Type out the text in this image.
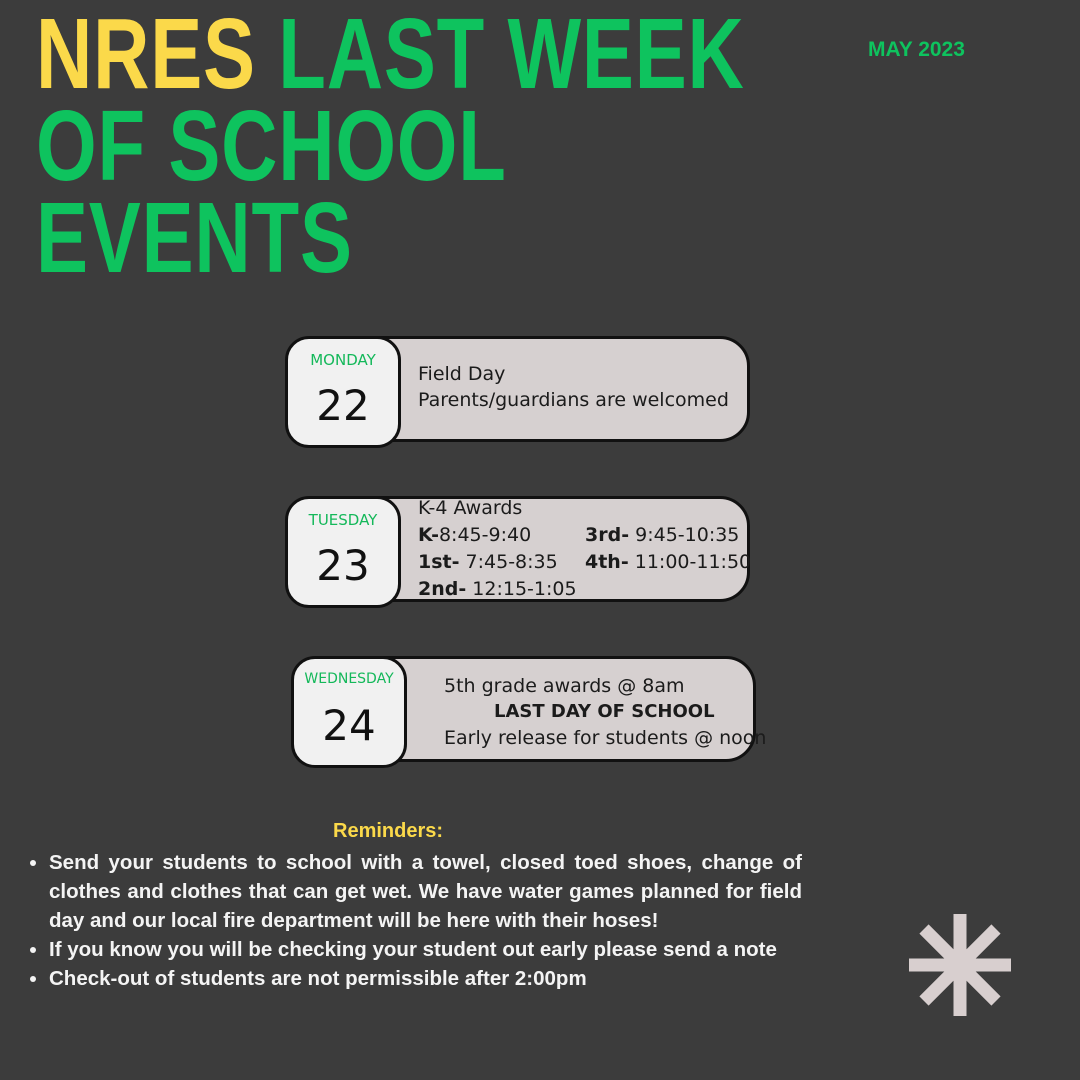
NRES LAST WEEK
OF SCHOOL
EVENTS
MAY 2023
MONDAY
22
Field Day
Parents/guardians are welcomed
TUESDAY
23
K-4 Awards
K-8:45-9:40	3rd- 9:45-10:35
1st- 7:45-8:35 4th- 11:00-11:50
2nd- 12:15-1:05
WEDNESDAY
24
5th grade awards @ 8am
LAST DAY OF SCHOOL
Early release for students @ noon
Reminders:
• Send your students to school with a towel, closed toed shoes, change of clothes and clothes that can get wet. We have water games planned for field day and our local fire department will be here with their hoses!
• If you know you will be checking your student out early please send a note
• Check-out of students are not permissible after 2:00pm
